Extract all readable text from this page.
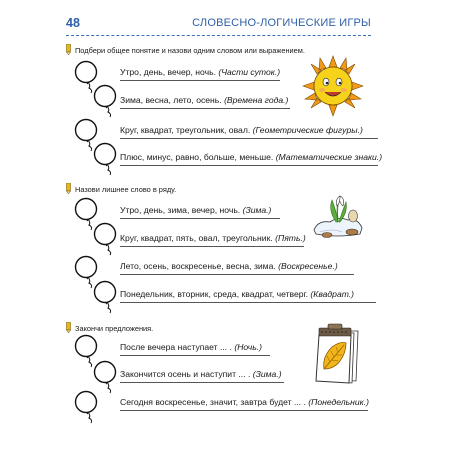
48	СЛОВЕСНО-ЛОГИЧЕСКИЕ ИГРЫ
Подбери общее понятие и назови одним словом или выражением.
Утро, день, вечер, ночь. (Части суток.)
Зима, весна, лето, осень. (Времена года.)
Круг, квадрат, треугольник, овал. (Геометрические фигуры.)
Плюс, минус, равно, больше, меньше. (Математические знаки.)
Назови лишнее слово в ряду.
Утро, день, зима, вечер, ночь. (Зима.)
Круг, квадрат, пять, овал, треугольник. (Пять.)
Лето, осень, воскресенье, весна, зима. (Воскресенье.)
Понедельник, вторник, среда, квадрат, четверг. (Квадрат.)
Закончи предложения.
После вечера наступает ... . (Ночь.)
Закончится осень и наступит ... . (Зима.)
Сегодня воскресенье, значит, завтра будет ... . (Понедельник.)
